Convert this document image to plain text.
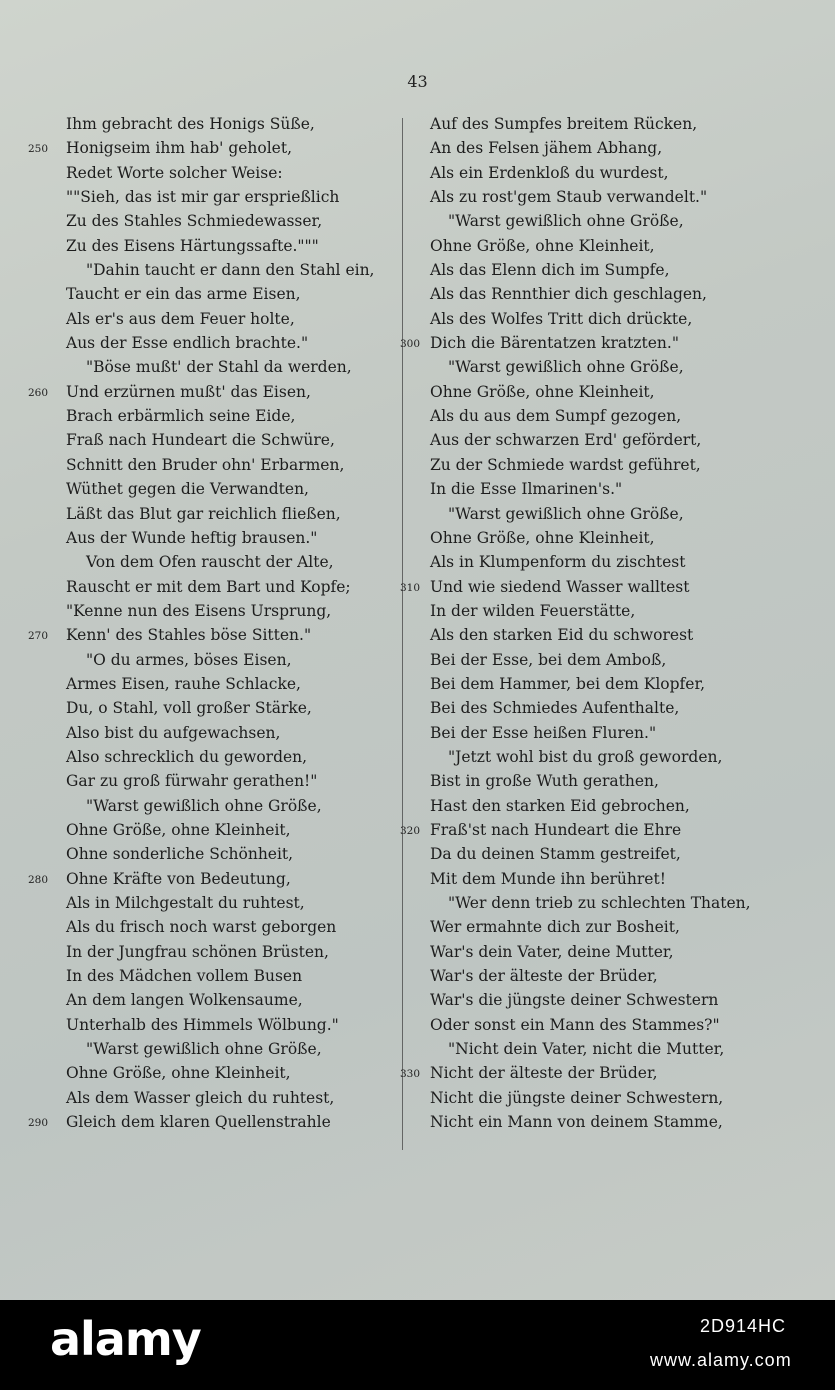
43
Ihm gebracht des Honigs Süße,
250 Honigseim ihm hab' geholet,
Redet Worte solcher Weise:
""Sieh, das ist mir gar ersprießlich
Zu des Stahles Schmiedewasser,
Zu des Eisens Härtungssafte."""
"Dahin taucht er dann den Stahl ein,
Taucht er ein das arme Eisen,
Als er's aus dem Feuer holte,
Aus der Esse endlich brachte."
"Böse mußt' der Stahl da werden,
260 Und erzürnen mußt' das Eisen,
Brach erbärmlich seine Eide,
Fraß nach Hundeart die Schwüre,
Schnitt den Bruder ohn' Erbarmen,
Wüthet gegen die Verwandten,
Läßt das Blut gar reichlich fließen,
Aus der Wunde heftig brausen."
Von dem Ofen rauscht der Alte,
Rauscht er mit dem Bart und Kopfe;
"Kenne nun des Eisens Ursprung,
270 Kenn' des Stahles böse Sitten."
"O du armes, böses Eisen,
Armes Eisen, rauhe Schlacke,
Du, o Stahl, voll großer Stärke,
Also bist du aufgewachsen,
Also schrecklich du geworden,
Gar zu groß fürwahr gerathen!"
"Warst gewißlich ohne Größe,
Ohne Größe, ohne Kleinheit,
Ohne sonderliche Schönheit,
280 Ohne Kräfte von Bedeutung,
Als in Milchgestalt du ruhtest,
Als du frisch noch warst geborgen
In der Jungfrau schönen Brüsten,
In des Mädchen vollem Busen
An dem langen Wolkensaume,
Unterhalb des Himmels Wölbung."
"Warst gewißlich ohne Größe,
Ohne Größe, ohne Kleinheit,
Als dem Wasser gleich du ruhtest,
290 Gleich dem klaren Quellenstrahle
Auf des Sumpfes breitem Rücken,
An des Felsen jähem Abhang,
Als ein Erdenkloß du wurdest,
Als zu rost'gem Staub verwandelt."
"Warst gewißlich ohne Größe,
Ohne Größe, ohne Kleinheit,
Als das Elenn dich im Sumpfe,
Als das Rennthier dich geschlagen,
Als des Wolfes Tritt dich drückte,
300 Dich die Bärentatzen kratzten."
"Warst gewißlich ohne Größe,
Ohne Größe, ohne Kleinheit,
Als du aus dem Sumpf gezogen,
Aus der schwarzen Erd' gefördert,
Zu der Schmiede wardst geführet,
In die Esse Ilmarinen's."
"Warst gewißlich ohne Größe,
Ohne Größe, ohne Kleinheit,
Als in Klumpenform du zischtest
310 Und wie siedend Wasser walltest
In der wilden Feuerstätte,
Als den starken Eid du schworest
Bei der Esse, bei dem Amboß,
Bei dem Hammer, bei dem Klopfer,
Bei des Schmiedes Aufenthalte,
Bei der Esse heißen Fluren."
"Jetzt wohl bist du groß geworden,
Bist in große Wuth gerathen,
Hast den starken Eid gebrochen,
320 Fraß'st nach Hundeart die Ehre
Da du deinen Stamm gestreifet,
Mit dem Munde ihn berühret!
"Wer denn trieb zu schlechten Thaten,
Wer ermahnte dich zur Bosheit,
War's dein Vater, deine Mutter,
War's der älteste der Brüder,
War's die jüngste deiner Schwestern
Oder sonst ein Mann des Stammes?"
"Nicht dein Vater, nicht die Mutter,
330 Nicht der älteste der Brüder,
Nicht die jüngste deiner Schwestern,
Nicht ein Mann von deinem Stamme,
alamy	2D914HC
www.alamy.com
